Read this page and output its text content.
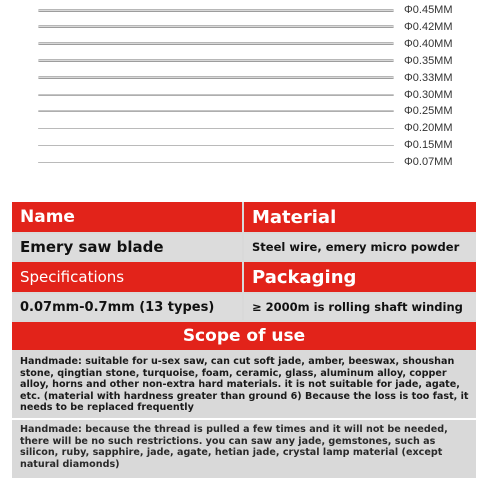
Φ0.45MM
Φ0.42MM
Φ0.40MM
Φ0.35MM
Φ0.33MM
Φ0.30MM
Φ0.25MM
Φ0.20MM
Φ0.15MM
Φ0.07MM
Name	Material
Emery saw blade	Steel wire, emery micro powder
Specifications	Packaging
0.07mm-0.7mm (13 types)	≥ 2000m is rolling shaft winding
Scope of use
Handmade: suitable for u-sex saw, can cut soft jade, amber, beeswax, shoushan stone, qingtian stone, turquoise, foam, ceramic, glass, aluminum alloy, copper alloy, horns and other non-extra hard materials. it is not suitable for jade, agate, etc. (material with hardness greater than ground 6) Because the loss is too fast, it needs to be replaced frequently
Handmade: because the thread is pulled a few times and it will not be needed, there will be no such restrictions. you can saw any jade, gemstones, such as silicon, ruby, sapphire, jade, agate, hetian jade, crystal lamp material (except natural diamonds)
